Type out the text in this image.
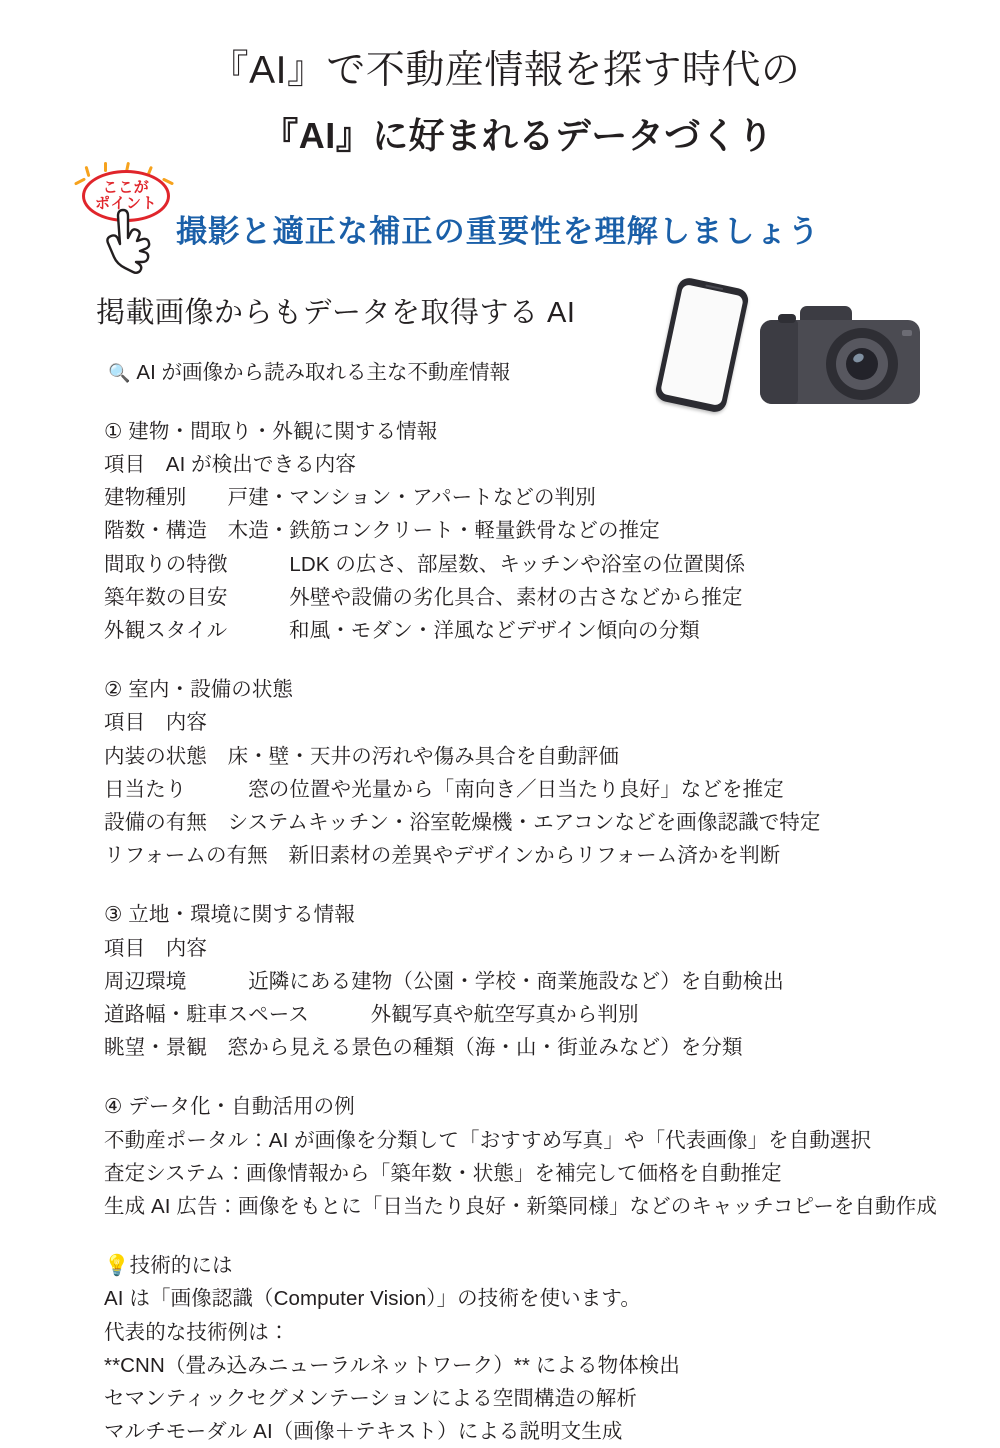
『AI』で不動産情報を探す時代の
『AI』に好まれるデータづくり
ここが
ポイント
撮影と適正な補正の重要性を理解しましょう
掲載画像からもデータを取得する AI
🔍 AI が画像から読み取れる主な不動産情報
① 建物・間取り・外観に関する情報
項目　AI が検出できる内容
建物種別　　戸建・マンション・アパートなどの判別
階数・構造　木造・鉄筋コンクリート・軽量鉄骨などの推定
間取りの特徴　　　LDK の広さ、部屋数、キッチンや浴室の位置関係
築年数の目安　　　外壁や設備の劣化具合、素材の古さなどから推定
外観スタイル　　　和風・モダン・洋風などデザイン傾向の分類
② 室内・設備の状態
項目　内容
内装の状態　床・壁・天井の汚れや傷み具合を自動評価
日当たり　　　窓の位置や光量から「南向き／日当たり良好」などを推定
設備の有無　システムキッチン・浴室乾燥機・エアコンなどを画像認識で特定
リフォームの有無　新旧素材の差異やデザインからリフォーム済かを判断
③ 立地・環境に関する情報
項目　内容
周辺環境　　　近隣にある建物（公園・学校・商業施設など）を自動検出
道路幅・駐車スペース　　　外観写真や航空写真から判別
眺望・景観　窓から見える景色の種類（海・山・街並みなど）を分類
④ データ化・自動活用の例
不動産ポータル：AI が画像を分類して「おすすめ写真」や「代表画像」を自動選択
査定システム：画像情報から「築年数・状態」を補完して価格を自動推定
生成 AI 広告：画像をもとに「日当たり良好・新築同様」などのキャッチコピーを自動作成
💡技術的には
AI は「画像認識（Computer Vision）」の技術を使います。
代表的な技術例は：
**CNN（畳み込みニューラルネットワーク）** による物体検出
セマンティックセグメンテーションによる空間構造の解析
マルチモーダル AI（画像＋テキスト）による説明文生成
